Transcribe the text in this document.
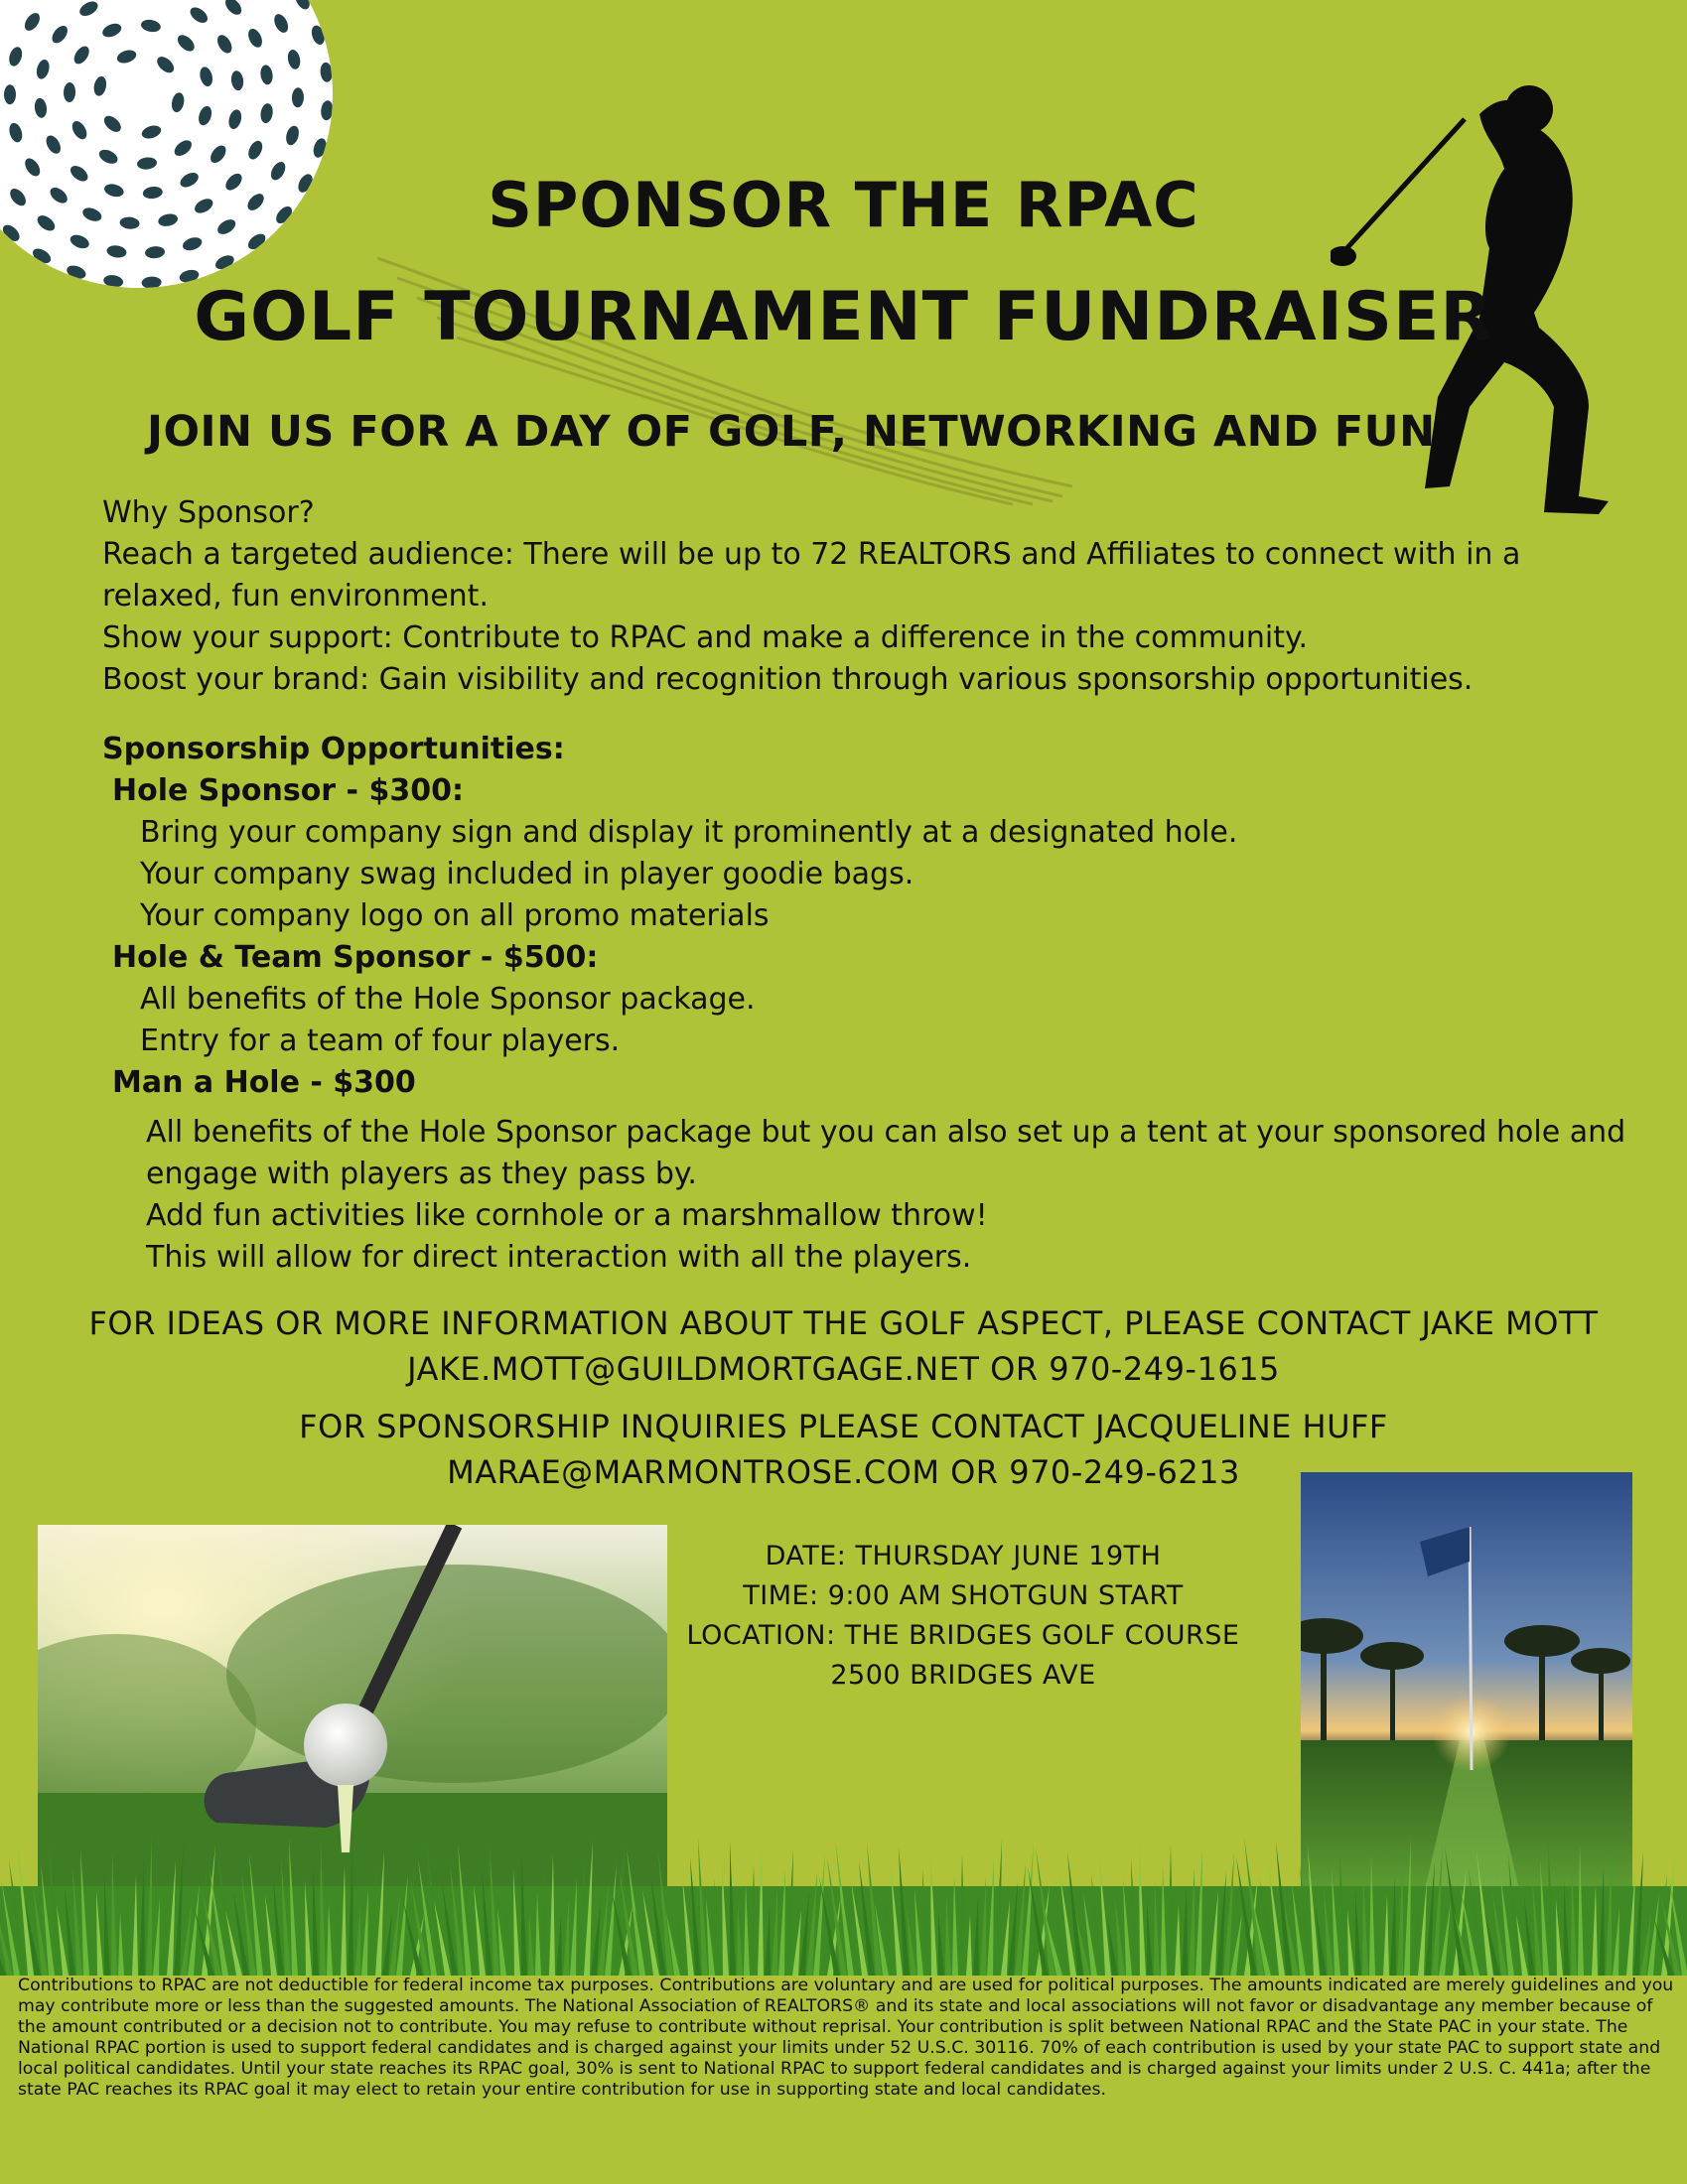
SPONSOR THE RPAC
GOLF TOURNAMENT FUNDRAISER
JOIN US FOR A DAY OF GOLF, NETWORKING AND FUN

Why Sponsor?

Reach a targeted audience: There will be up to 72 REALTORS and Affiliates to connect with in a relaxed, fun environment.

Show your support: Contribute to RPAC and make a difference in the community.

Boost your brand: Gain visibility and recognition through various sponsorship opportunities.

Sponsorship Opportunities:

Hole Sponsor - $300:

Bring your company sign and display it prominently at a designated hole.

Your company swag included in player goodie bags.

Your company logo on all promo materials

Hole & Team Sponsor - $500:

All benefits of the Hole Sponsor package.

Entry for a team of four players.

Man a Hole - $300

All benefits of the Hole Sponsor package but you can also set up a tent at your sponsored hole and engage with players as they pass by.

Add fun activities like cornhole or a marshmallow throw!

This will allow for direct interaction with all the players.

FOR IDEAS OR MORE INFORMATION ABOUT THE GOLF ASPECT, PLEASE CONTACT JAKE MOTT

JAKE.MOTT@GUILDMORTGAGE.NET OR 970-249-1615

FOR SPONSORSHIP INQUIRIES PLEASE CONTACT JACQUELINE HUFF

MARAE@MARMONTROSE.COM OR 970-249-6213

DATE: THURSDAY JUNE 19TH

TIME: 9:00 AM SHOTGUN START

LOCATION: THE BRIDGES GOLF COURSE

2500 BRIDGES AVE

Contributions to RPAC are not deductible for federal income tax purposes. Contributions are voluntary and are used for political purposes. The amounts indicated are merely guidelines and you may contribute more or less than the suggested amounts. The National Association of REALTORS® and its state and local associations will not favor or disadvantage any member because of the amount contributed or a decision not to contribute. You may refuse to contribute without reprisal. Your contribution is split between National RPAC and the State PAC in your state. The National RPAC portion is used to support federal candidates and is charged against your limits under 52 U.S.C. 30116. 70% of each contribution is used by your state PAC to support state and local political candidates. Until your state reaches its RPAC goal, 30% is sent to National RPAC to support federal candidates and is charged against your limits under 2 U.S. C. 441a; after the state PAC reaches its RPAC goal it may elect to retain your entire contribution for use in supporting state and local candidates.
